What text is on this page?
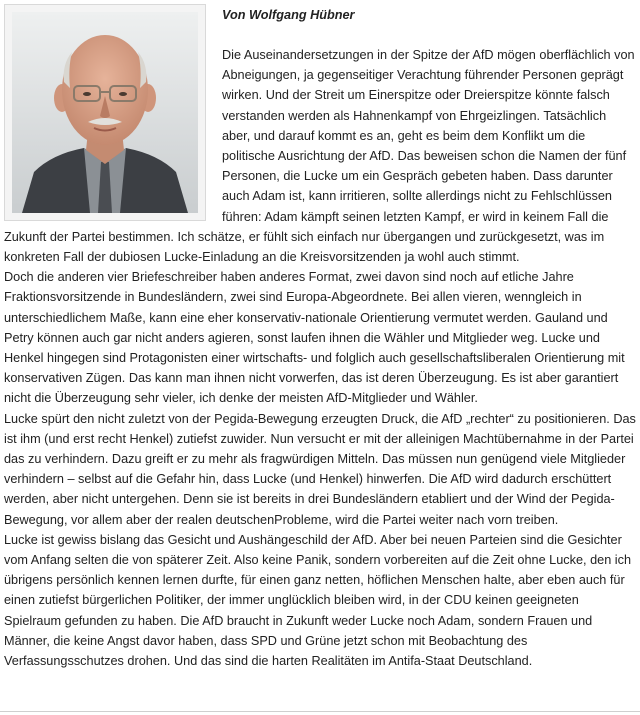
Von Wolfgang Hübner

Die Auseinandersetzungen in der Spitze der AfD mögen oberflächlich von Abneigungen, ja gegenseitiger Verachtung führender Personen geprägt wirken. Und der Streit um Einerspitze oder Dreierspitze könnte falsch verstanden werden als Hahnenkampf von Ehrgeizlingen. Tatsächlich aber, und darauf kommt es an, geht es beim dem Konflikt um die politische Ausrichtung der AfD. Das beweisen schon die Namen der fünf Personen, die Lucke um ein Gespräch gebeten haben. Dass darunter auch Adam ist, kann irritieren, sollte allerdings nicht zu Fehlschlüssen führen: Adam kämpft seinen letzten Kampf, er wird in keinem Fall die Zukunft der Partei bestimmen. Ich schätze, er fühlt sich einfach nur übergangen und zurückgesetzt, was im konkreten Fall der dubiosen Lucke-Einladung an die Kreisvorsitzenden ja wohl auch stimmt.

Doch die anderen vier Briefeschreiber haben anderes Format, zwei davon sind noch auf etliche Jahre Fraktionsvorsitzende in Bundesländern, zwei sind Europa-Abgeordnete. Bei allen vieren, wenngleich in unterschiedlichem Maße, kann eine eher konservativ-nationale Orientierung vermutet werden. Gauland und Petry können auch gar nicht anders agieren, sonst laufen ihnen die Wähler und Mitglieder weg. Lucke und Henkel hingegen sind Protagonisten einer wirtschafts- und folglich auch gesellschaftsliberalen Orientierung mit konservativen Zügen. Das kann man ihnen nicht vorwerfen, das ist deren Überzeugung. Es ist aber garantiert nicht die Überzeugung sehr vieler, ich denke der meisten AfD-Mitglieder und Wähler.

Lucke spürt den nicht zuletzt von der Pegida-Bewegung erzeugten Druck, die AfD „rechter“ zu positionieren. Das ist ihm (und erst recht Henkel) zutiefst zuwider. Nun versucht er mit der alleinigen Machtübernahme in der Partei das zu verhindern. Dazu greift er zu mehr als fragwürdigen Mitteln. Das müssen nun genügend viele Mitglieder verhindern – selbst auf die Gefahr hin, dass Lucke (und Henkel) hinwerfen. Die AfD wird dadurch erschüttert werden, aber nicht untergehen. Denn sie ist bereits in drei Bundesländern etabliert und der Wind der Pegida-Bewegung, vor allem aber der realen deutschenProbleme, wird die Partei weiter nach vorn treiben.

Lucke ist gewiss bislang das Gesicht und Aushängeschild der AfD. Aber bei neuen Parteien sind die Gesichter vom Anfang selten die von späterer Zeit. Also keine Panik, sondern vorbereiten auf die Zeit ohne Lucke, den ich übrigens persönlich kennen lernen durfte, für einen ganz netten, höflichen Menschen halte, aber eben auch für einen zutiefst bürgerlichen Politiker, der immer unglücklich bleiben wird, in der CDU keinen geeigneten Spielraum gefunden zu haben. Die AfD braucht in Zukunft weder Lucke noch Adam, sondern Frauen und Männer, die keine Angst davor haben, dass SPD und Grüne jetzt schon mit Beobachtung des Verfassungsschutzes drohen. Und das sind die harten Realitäten im Antifa-Staat Deutschland.
